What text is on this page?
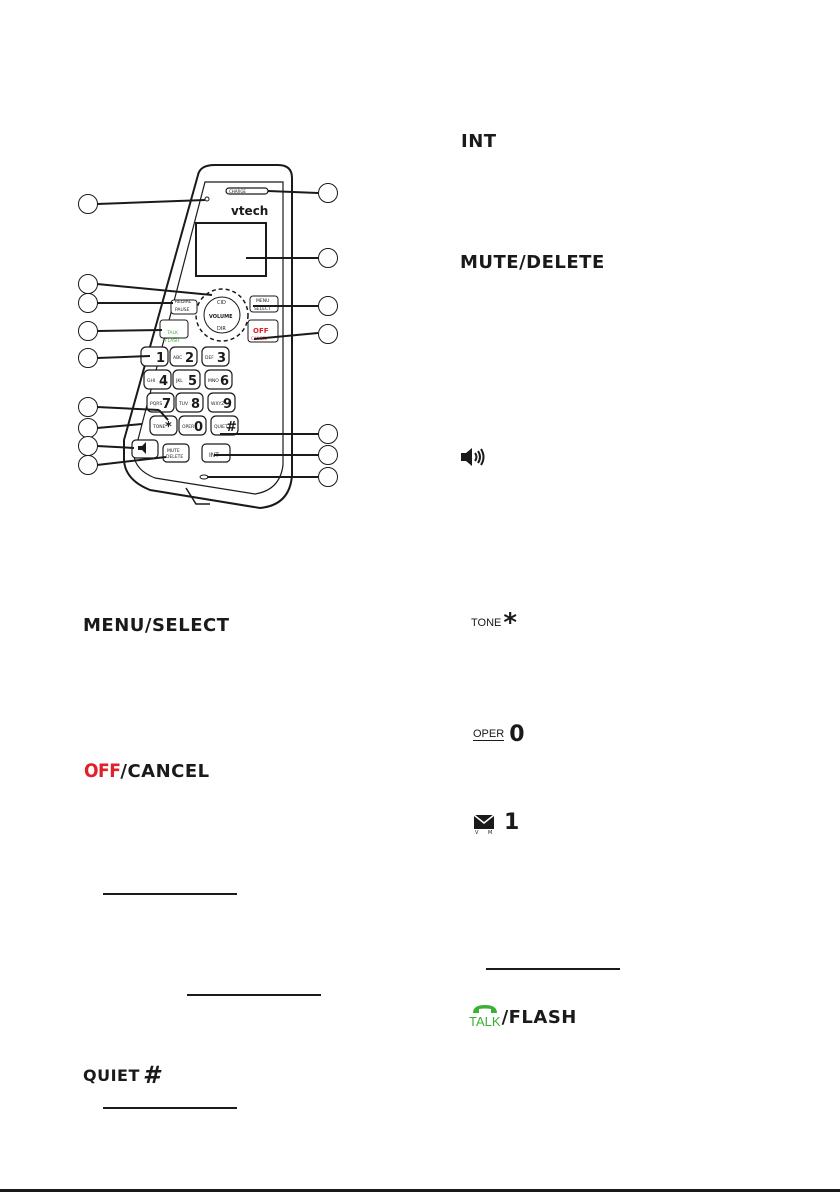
1 ABC 2 DEF 3
GHI 4 JKL 5 MNO 6
PQRS 7 TUV 8 WXYZ
9
TONE * OPER 0 QUIET
#
vtech
CHARGE
VOLUME
CID
DIR
REDIAL
PAUSE
MENU
SELECT
TALK
FLASH
OFF
CANCEL
MUTE
DELETE	INT
INT
MUTE/DELETE
TONE *
OPER 0
V M 1
TALK /FLASH
MENU/SELECT
OFF /CANCEL
QUIET #
